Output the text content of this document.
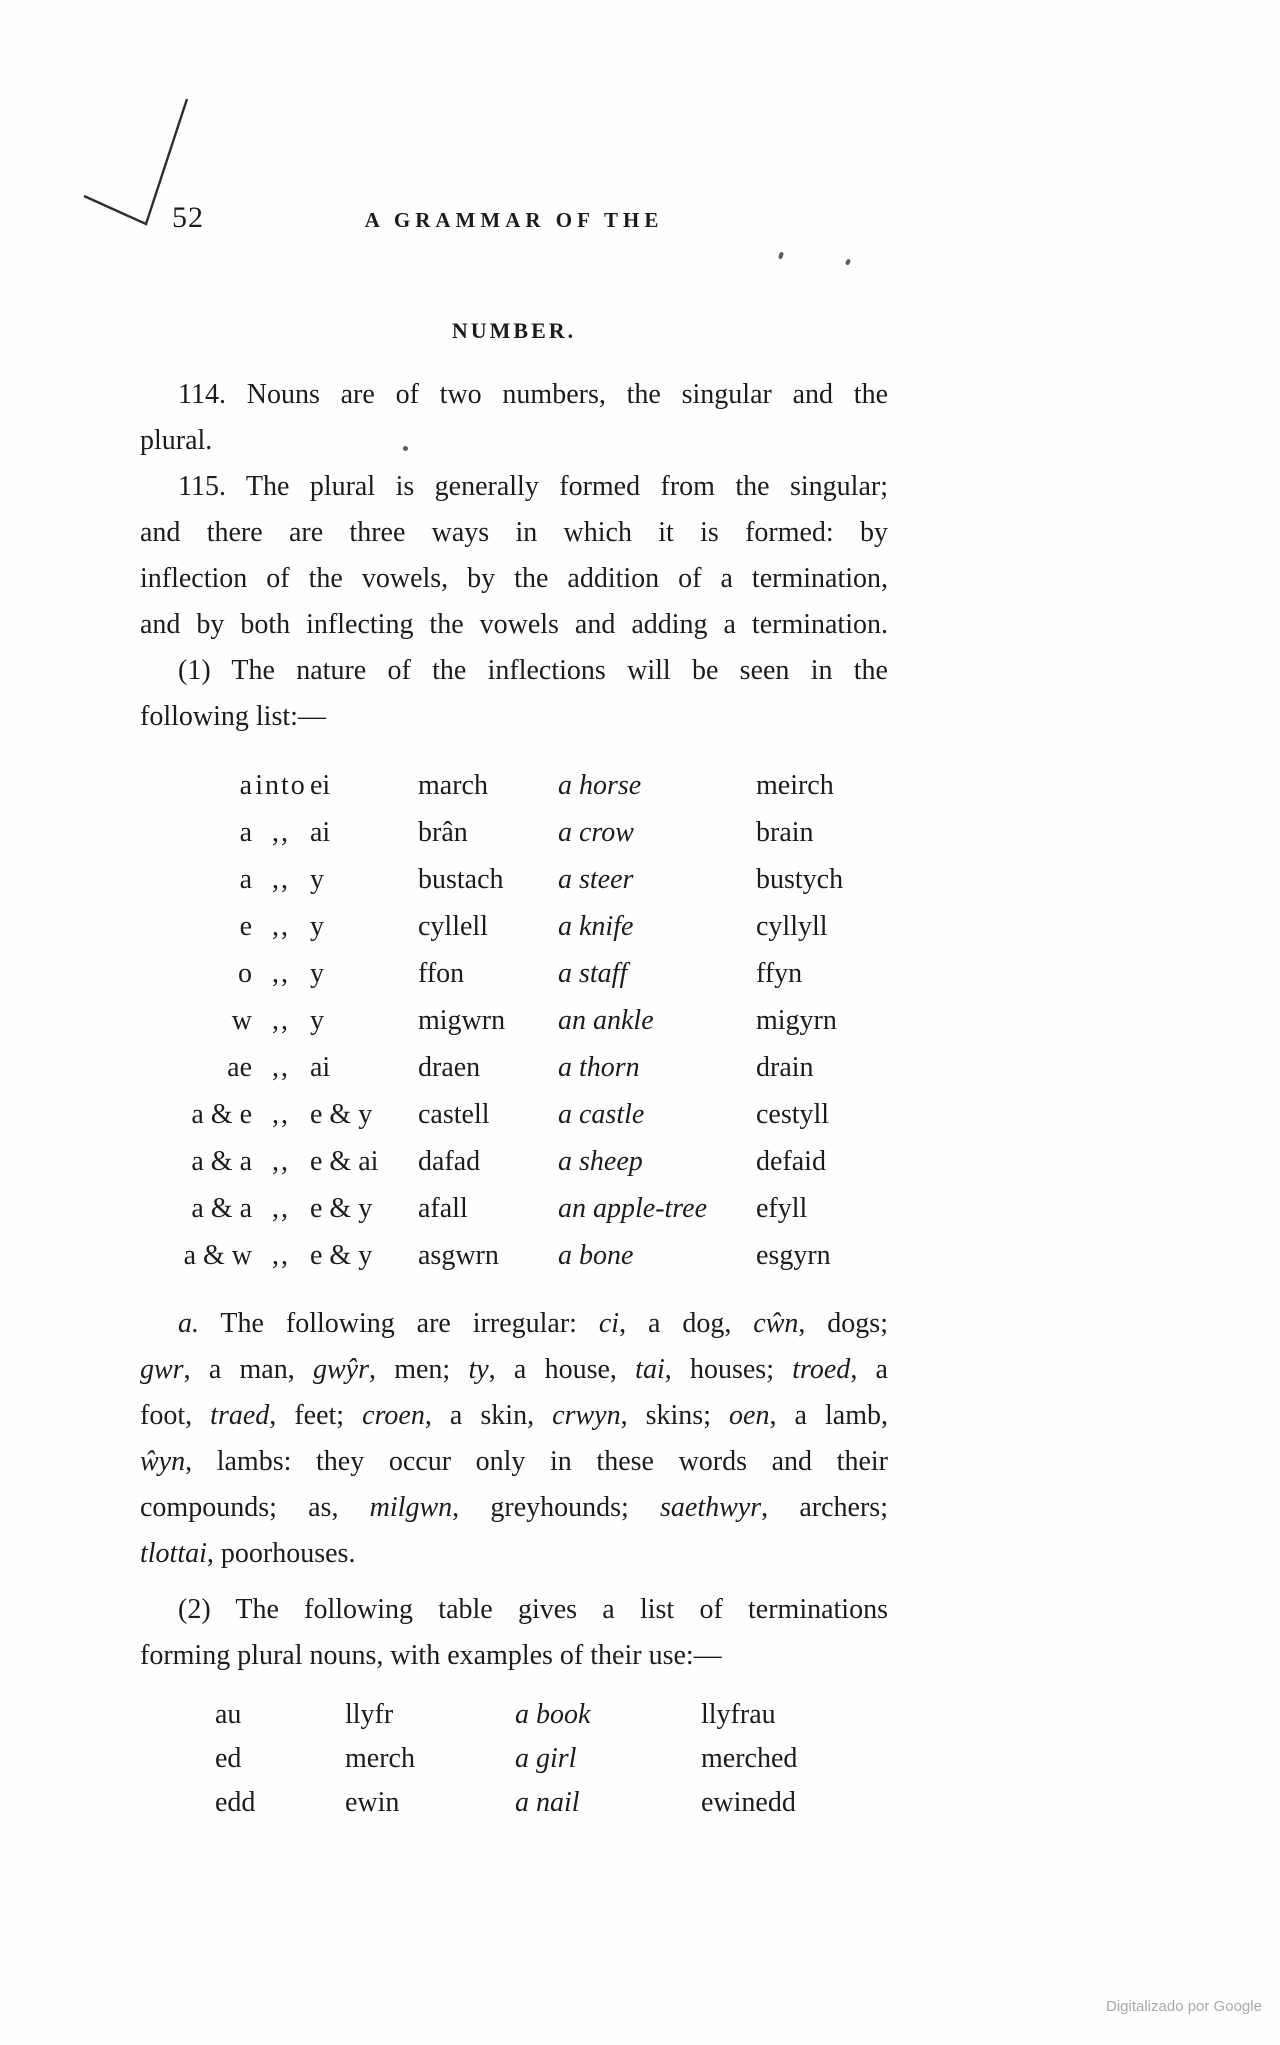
52	A GRAMMAR OF THE
NUMBER.
114. Nouns are of two numbers, the singular and the
plural.
115. The plural is generally formed from the singular;
and there are three ways in which it is formed: by
inflection of the vowels, by the addition of a termination,
and by both inflecting the vowels and adding a termination.
(1) The nature of the inflections will be seen in the
following list:—
a into ei	march	a horse	meirch
a ,, ai	brân	a crow	brain
a ,, y	bustach	a steer	bustych
e ,, y	cyllell	a knife	cyllyll
o ,, y	ffon	a staff	ffyn
w ,, y	migwrn	an ankle	migyrn
ae ,, ai	draen	a thorn	drain
a & e ,, e & y	castell	a castle	cestyll
a & a ,, e & ai	dafad	a sheep	defaid
a & a ,, e & y	afall	an apple-tree	efyll
a & w ,, e & y	asgwrn	a bone	esgyrn
a. The following are irregular: ci, a dog, cŵn, dogs;
gwr, a man, gwŷr, men; ty, a house, tai, houses; troed, a
foot, traed, feet; croen, a skin, crwyn, skins; oen, a lamb,
ŵyn, lambs: they occur only in these words and their
compounds; as, milgwn, greyhounds; saethwyr, archers;
tlottai, poorhouses.
(2) The following table gives a list of terminations
forming plural nouns, with examples of their use:—
au	llyfr	a book	llyfrau
ed	merch	a girl	merched
edd	ewin	a nail	ewinedd
Digitalizado por Google
